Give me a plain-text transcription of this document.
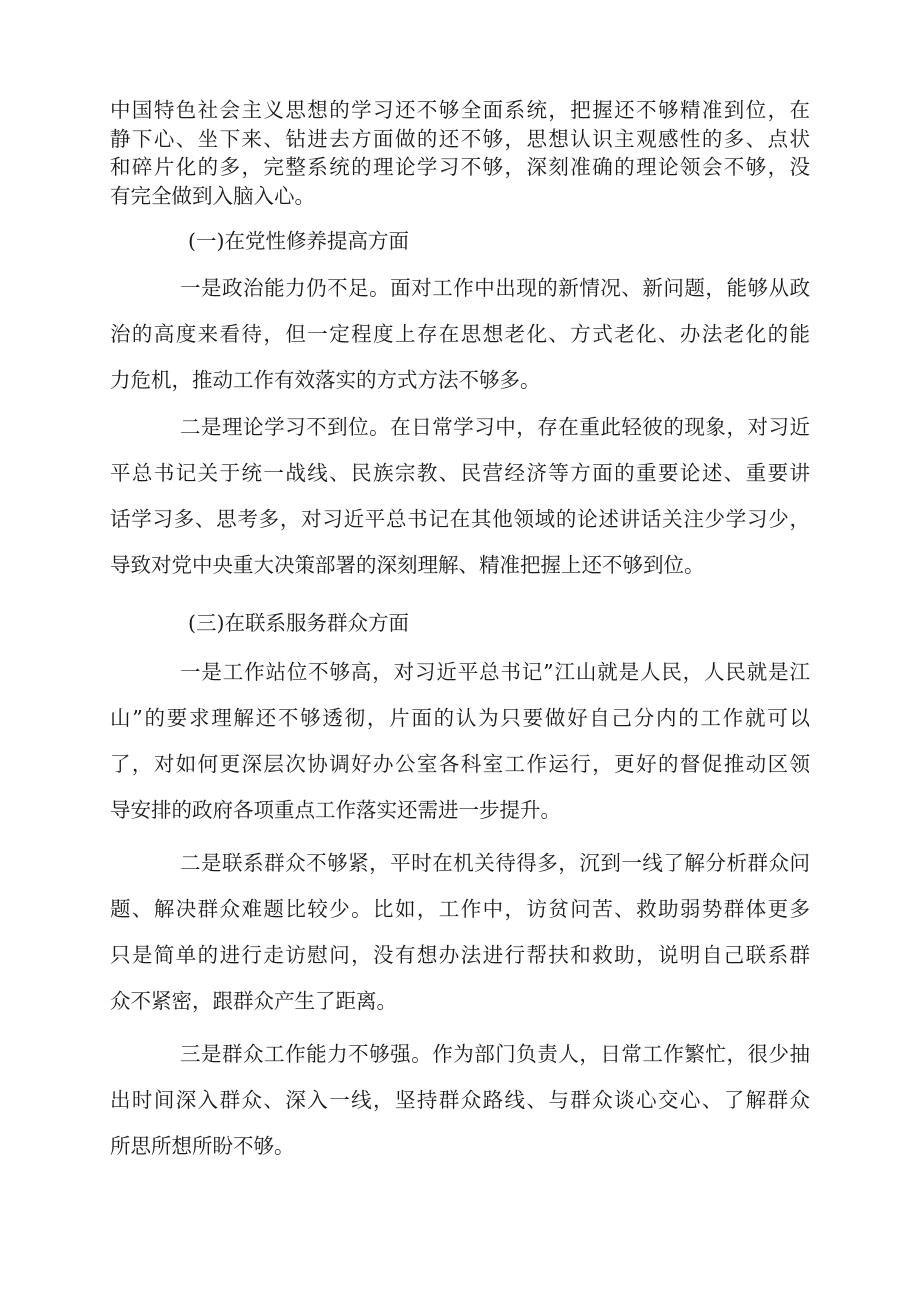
中国特色社会主义思想的学习还不够全面系统，把握还不够精准到位，在
静下心、坐下来、钻进去方面做的还不够，思想认识主观感性的多、点状
和碎片化的多，完整系统的理论学习不够，深刻准确的理论领会不够，没
有完全做到入脑入心。
(一)在党性修养提高方面
一是政治能力仍不足。面对工作中出现的新情况、新问题，能够从政
治的高度来看待，但一定程度上存在思想老化、方式老化、办法老化的能
力危机，推动工作有效落实的方式方法不够多。
二是理论学习不到位。在日常学习中，存在重此轻彼的现象，对习近
平总书记关于统一战线、民族宗教、民营经济等方面的重要论述、重要讲
话学习多、思考多，对习近平总书记在其他领域的论述讲话关注少学习少，
导致对党中央重大决策部署的深刻理解、精准把握上还不够到位。
(三)在联系服务群众方面
一是工作站位不够高，对习近平总书记”江山就是人民，人民就是江
山”的要求理解还不够透彻，片面的认为只要做好自己分内的工作就可以
了，对如何更深层次协调好办公室各科室工作运行，更好的督促推动区领
导安排的政府各项重点工作落实还需进一步提升。
二是联系群众不够紧，平时在机关待得多，沉到一线了解分析群众问
题、解决群众难题比较少。比如，工作中，访贫问苦、救助弱势群体更多
只是简单的进行走访慰问，没有想办法进行帮扶和救助，说明自己联系群
众不紧密，跟群众产生了距离。
三是群众工作能力不够强。作为部门负责人，日常工作繁忙，很少抽
出时间深入群众、深入一线，坚持群众路线、与群众谈心交心、了解群众
所思所想所盼不够。
